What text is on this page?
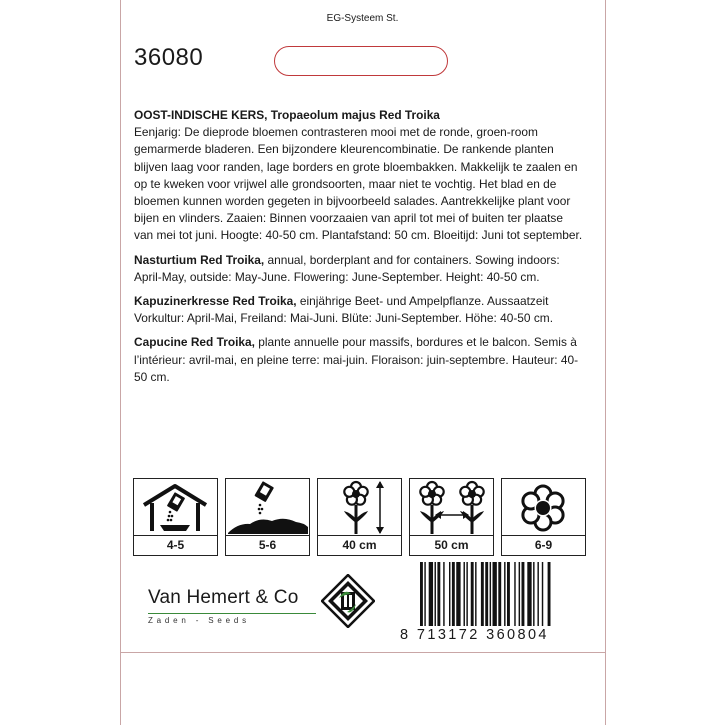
EG-Systeem St.
36080

OOST-INDISCHE KERS, Tropaeolum majus Red Troika
Eenjarig: De dieprode bloemen contrasteren mooi met de ronde, groen-room gemarmerde bladeren. Een bijzondere kleurencombinatie. De rankende planten blijven laag voor randen, lage borders en grote bloembakken. Makkelijk te zaalen en op te kweken voor vrijwel alle grondsoorten, maar niet te vochtig. Het blad en de bloemen kunnen worden gegeten in bijvoorbeeld salades. Aantrekkelijke plant voor bijen en vlinders. Zaaien: Binnen voorzaaien van april tot mei of buiten ter plaatse van mei tot juni. Hoogte: 40-50 cm. Plantafstand: 50 cm. Bloeitijd: Juni tot september.

Nasturtium Red Troika, annual, borderplant and for containers. Sowing indoors: April-May, outside: May-June. Flowering: June-September. Height: 40-50 cm.

Kapuzinerkresse Red Troika, einjährige Beet- und Ampelpflanze. Aussaatzeit Vorkultur: April-Mai, Freiland: Mai-Juni. Blüte: Juni-September. Höhe: 40-50 cm.

Capucine Red Troika, plante annuelle pour massifs, bordures et le balcon. Semis à l’intérieur: avril-mai, en pleine terre: mai-juin. Floraison: juin-septembre. Hauteur: 40-50 cm.

4-5	5-6	40 cm	50 cm	6-9
Van Hemert & Co
Zaden - Seeds
8 713172 360804
